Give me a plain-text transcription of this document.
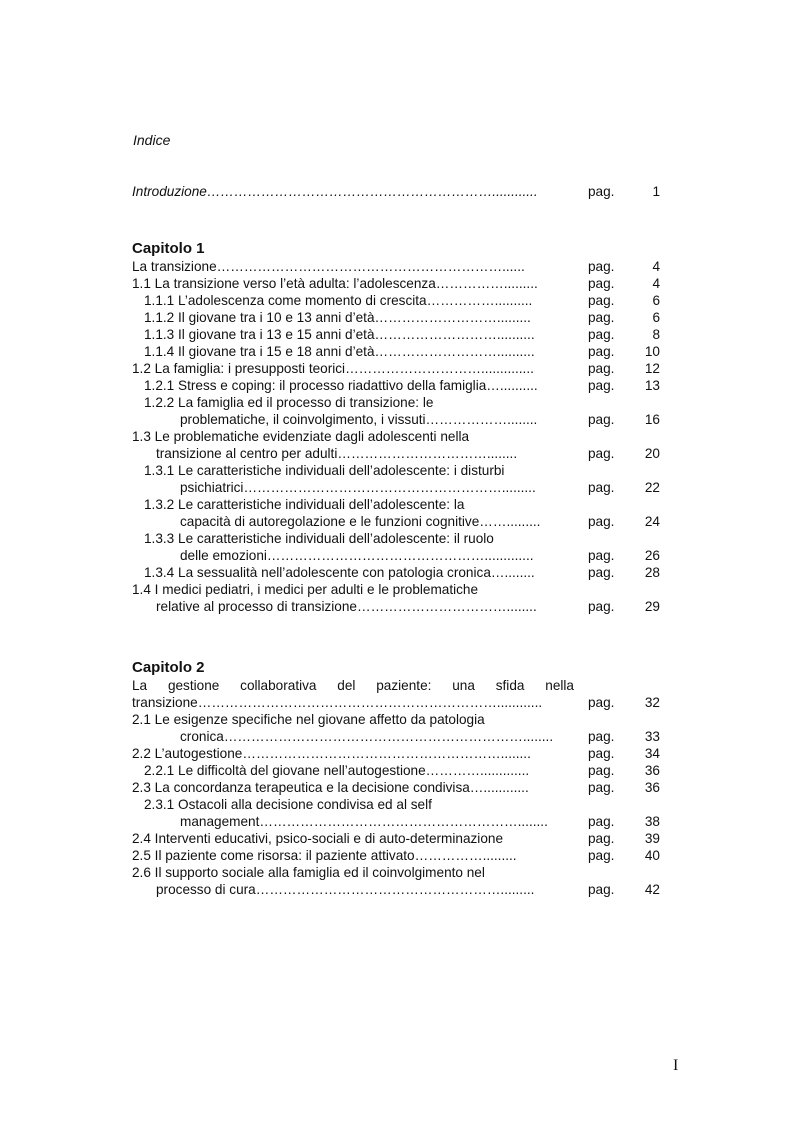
Indice
Introduzione………………………………………………………............	pag.	1
Capitolo 1
La transizione………………………………………………………......	pag.	4
1.1 La transizione verso l’età adulta: l’adolescenza…………….........	pag.	4
1.1.1 L’adolescenza come momento di crescita……………..........	pag.	6
1.1.2 Il giovane tra i 10 e 13 anni d’età……………………….........	pag.	6
1.1.3 Il giovane tra i 13 e 15 anni d’età………………………..........	pag.	8
1.1.4 Il giovane tra i 15 e 18 anni d’età………………………..........	pag. 10
1.2 La famiglia: i presupposti teorici…………………………..............	pag. 12
1.2.1 Stress e coping: il processo riadattivo della famiglia…..........	pag. 13
1.2.2 La famiglia ed il processo di transizione: le
problematiche, il coinvolgimento, i vissuti………………........	pag. 16
1.3 Le problematiche evidenziate dagli adolescenti nella
transizione al centro per adulti……………………………........	pag. 20
1.3.1 Le caratteristiche individuali dell’adolescente: i disturbi
psichiatrici………………………………………………….........	pag. 22
1.3.2 Le caratteristiche individuali dell’adolescente: la
capacità di autoregolazione e le funzioni cognitive…….........	pag. 24
1.3.3 Le caratteristiche individuali dell’adolescente: il ruolo
delle emozioni………………………………………….............	pag. 26
1.3.4 La sessualità nell’adolescente con patologia cronica…........	pag. 28
1.4 I medici pediatri, i medici per adulti e le problematiche
relative al processo di transizione……………………………........	pag. 29
Capitolo 2
La gestione collaborativa del paziente: una sfida nella
transizione…………………………………………………………............	pag. 32
2.1 Le esigenze specifiche nel giovane affetto da patologia
cronica…………………………………………………………........	pag. 33
2.2 L’autogestione…………………………………………………........	pag. 34
2.2.1 Le difficoltà del giovane nell’autogestione………….............	pag. 36
2.3 La concordanza terapeutica e la decisione condivisa…............	pag. 36
2.3.1 Ostacoli alla decisione condivisa ed al self
management…………………………………………………........	pag. 38
2.4 Interventi educativi, psico-sociali e di auto-determinazione	pag. 39
2.5 Il paziente come risorsa: il paziente attivato…………….........	pag. 40
2.6 Il supporto sociale alla famiglia ed il coinvolgimento nel
processo di cura……………………………………………….........	pag. 42
I
